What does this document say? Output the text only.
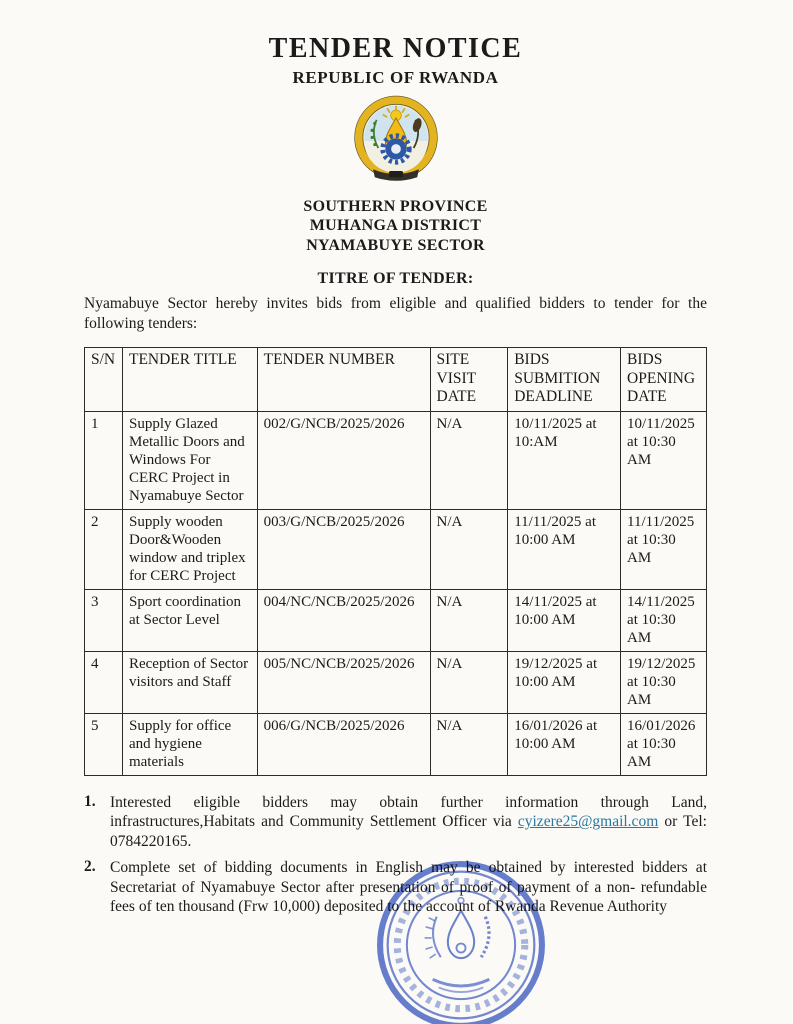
TENDER NOTICE
REPUBLIC OF RWANDA
SOUTHERN PROVINCE
MUHANGA DISTRICT
NYAMABUYE SECTOR
TITRE OF TENDER:

Nyamabuye Sector hereby invites bids from eligible and qualified bidders to tender for the following tenders:

S/N	TENDER TITLE	TENDER NUMBER	SITE VISIT DATE	BIDS SUBMITION DEADLINE	BIDS OPENING DATE
1	Supply Glazed Metallic Doors and Windows For CERC Project in Nyamabuye Sector	002/G/NCB/2025/2026	N/A	10/11/2025 at 10:AM	10/11/2025 at 10:30 AM
2	Supply wooden Door&Wooden window and triplex for CERC Project	003/G/NCB/2025/2026	N/A	11/11/2025 at 10:00 AM	11/11/2025 at 10:30 AM
3	Sport coordination at Sector Level	004/NC/NCB/2025/2026	N/A	14/11/2025 at 10:00 AM	14/11/2025 at 10:30 AM
4	Reception of Sector visitors and Staff	005/NC/NCB/2025/2026	N/A	19/12/2025 at 10:00 AM	19/12/2025 at 10:30 AM
5	Supply for office and hygiene materials	006/G/NCB/2025/2026	N/A	16/01/2026 at 10:00 AM	16/01/2026 at 10:30 AM
1. Interested eligible bidders may obtain further information through Land, infrastructures,Habitats and Community Settlement Officer via cyizere25@gmail.com or Tel: 0784220165.
2. Complete set of bidding documents in English may be obtained by interested bidders at Secretariat of Nyamabuye Sector after presentation of proof of payment of a non- refundable fees of ten thousand (Frw 10,000) deposited to the account of Rwanda Revenue Authority
